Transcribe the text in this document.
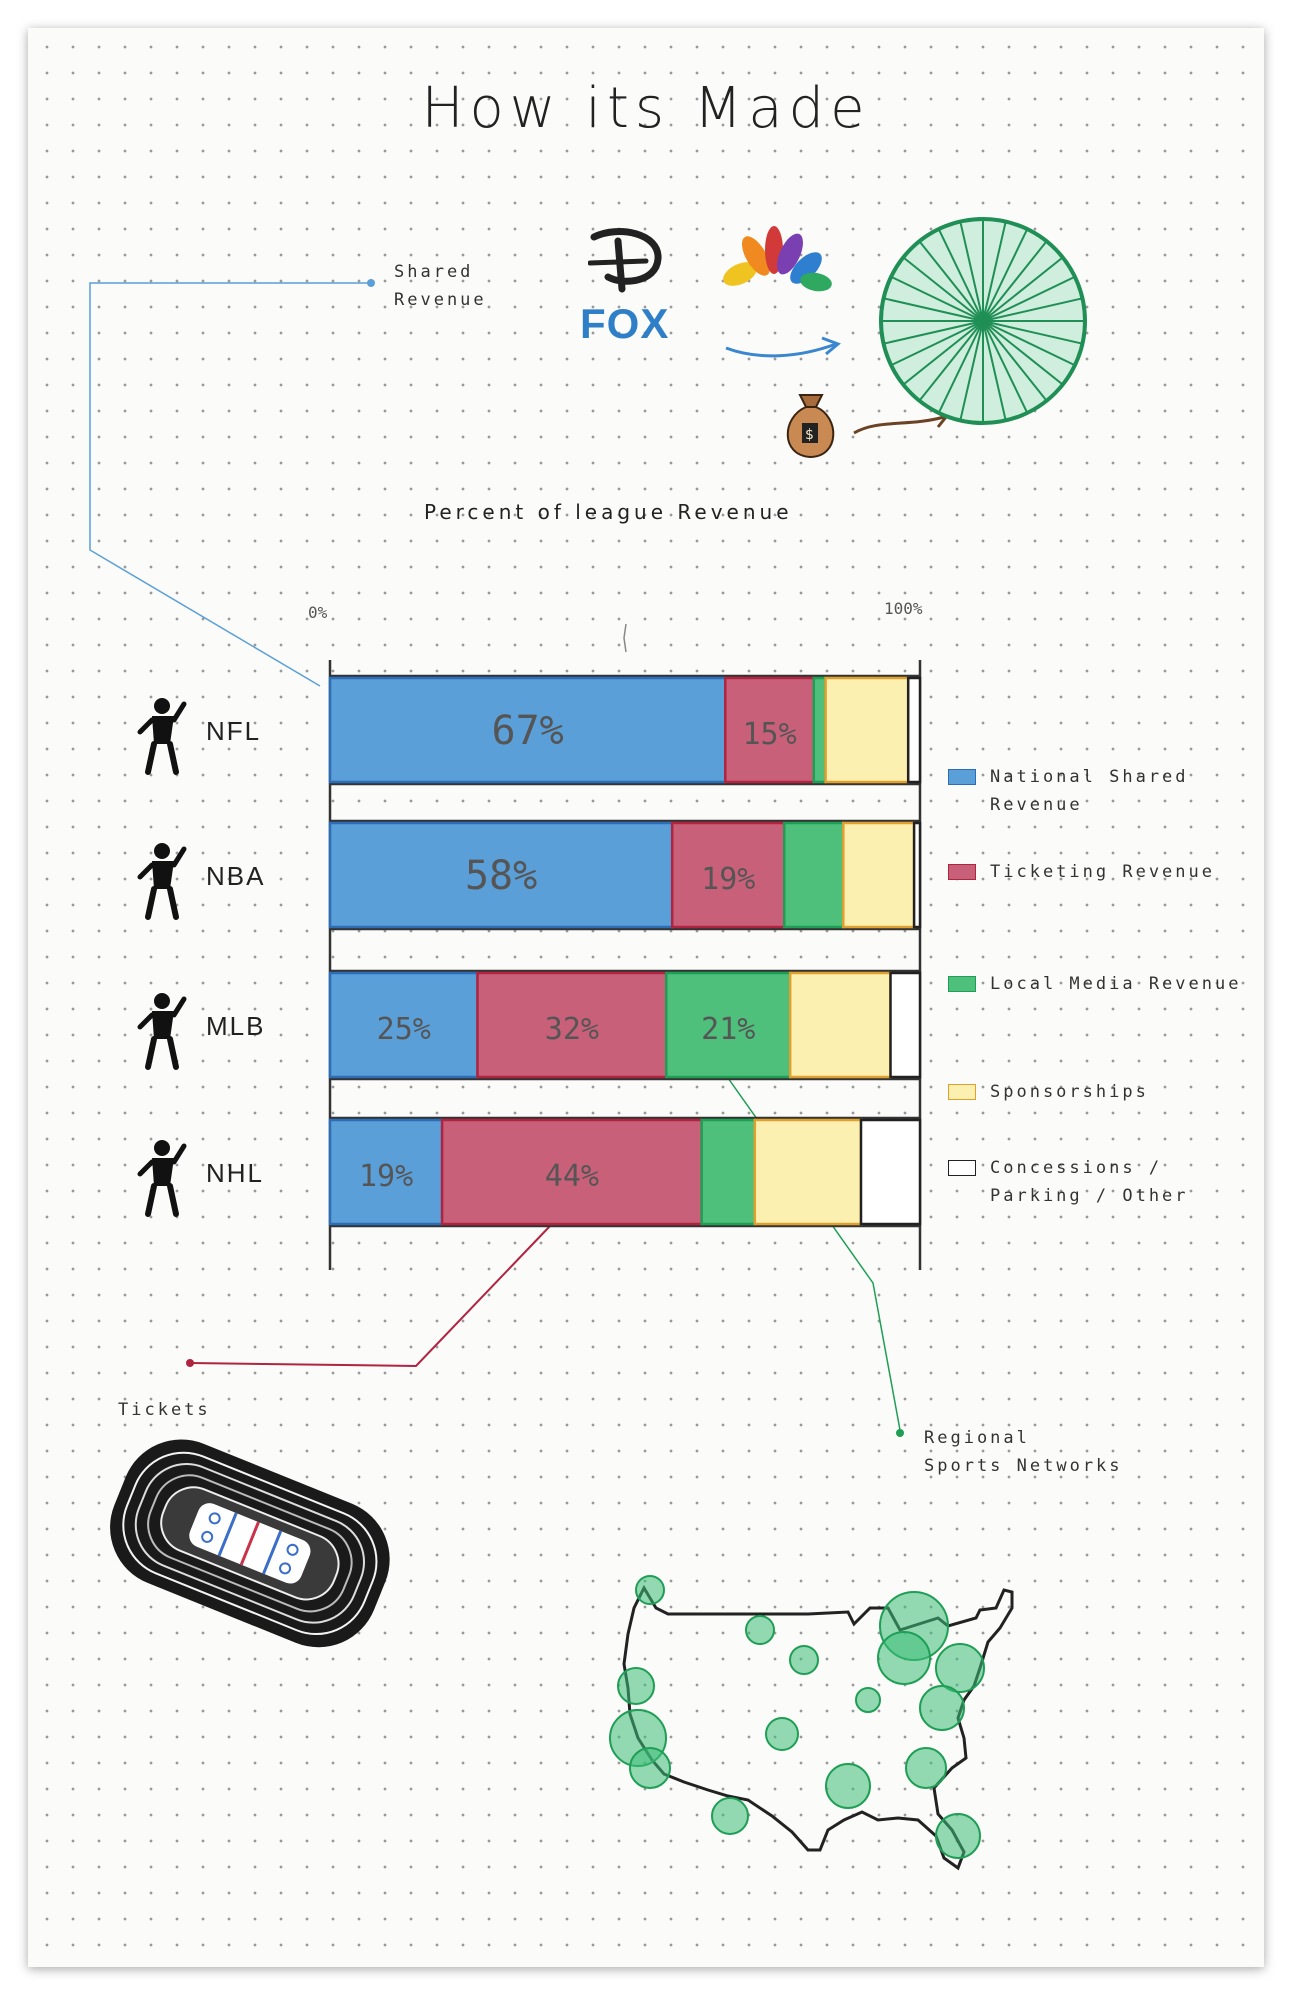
How its Made
Shared
Revenue FOX
$
Percent of league Revenue
0%	100%
67%	15%
NFL
58%	19%
NBA
25%	32%	21%
MLB
19%	44%
NHL
National Shared Revenue
Ticketing Revenue
Local Media Revenue
Sponsorships
Concessions / Parking / Other
Tickets
Regional
Sports Networks
